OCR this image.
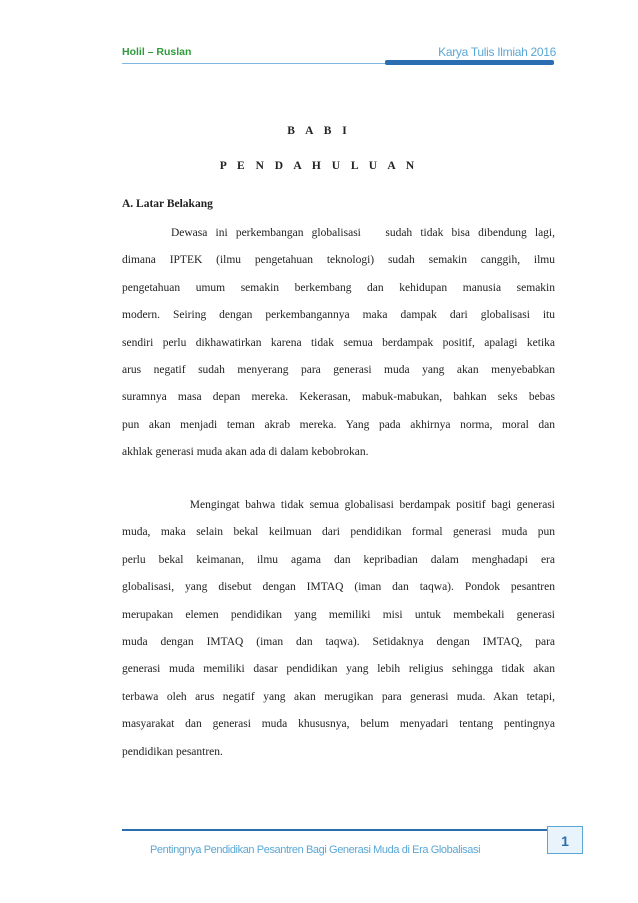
Holil – Ruslan	Karya Tulis Ilmiah 2016
B A B I
P E N D A H U L U A N
A. Latar Belakang
Dewasa ini perkembangan globalisasi   sudah tidak bisa dibendung lagi,
dimana IPTEK (ilmu pengetahuan teknologi) sudah semakin canggih, ilmu
pengetahuan umum semakin berkembang dan kehidupan manusia semakin
modern. Seiring dengan perkembangannya maka dampak dari globalisasi itu
sendiri perlu dikhawatirkan karena tidak semua berdampak positif, apalagi ketika
arus negatif sudah menyerang para generasi muda yang akan menyebabkan
suramnya masa depan mereka. Kekerasan, mabuk-mabukan, bahkan seks bebas
pun akan menjadi teman akrab mereka. Yang pada akhirnya norma, moral dan
akhlak generasi muda akan ada di dalam kebobrokan.
Mengingat bahwa tidak semua globalisasi berdampak positif bagi generasi
muda, maka selain bekal keilmuan dari pendidikan formal generasi muda pun
perlu bekal keimanan, ilmu agama dan kepribadian dalam menghadapi era
globalisasi, yang disebut dengan IMTAQ (iman dan taqwa). Pondok pesantren
merupakan elemen pendidikan yang memiliki misi untuk membekali generasi
muda dengan IMTAQ (iman dan taqwa). Setidaknya dengan IMTAQ, para
generasi muda memiliki dasar pendidikan yang lebih religius sehingga tidak akan
terbawa oleh arus negatif yang akan merugikan para generasi muda. Akan tetapi,
masyarakat dan generasi muda khususnya, belum menyadari tentang pentingnya
pendidikan pesantren.
1
Pentingnya Pendidikan Pesantren Bagi Generasi Muda di Era Globalisasi
